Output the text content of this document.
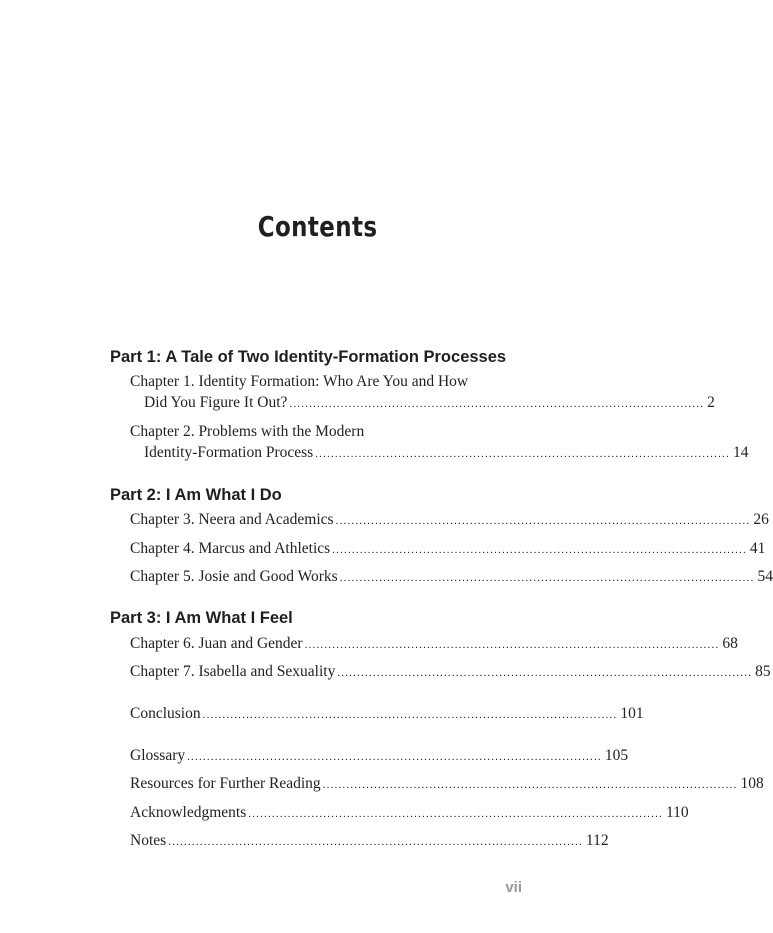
Contents
Part 1: A Tale of Two Identity-Formation Processes
Chapter 1. Identity Formation: Who Are You and How
Did You Figure It Out? ......................................................................................................... 2
Chapter 2. Problems with the Modern
Identity-Formation Process ......................................................................................................... 14
Part 2: I Am What I Do
Chapter 3. Neera and Academics ......................................................................................................... 26
Chapter 4. Marcus and Athletics ......................................................................................................... 41
Chapter 5. Josie and Good Works ......................................................................................................... 54
Part 3: I Am What I Feel
Chapter 6. Juan and Gender ......................................................................................................... 68
Chapter 7. Isabella and Sexuality ......................................................................................................... 85
Conclusion ......................................................................................................... 101
Glossary ......................................................................................................... 105
Resources for Further Reading ......................................................................................................... 108
Acknowledgments ......................................................................................................... 110
Notes ......................................................................................................... 112
vii
